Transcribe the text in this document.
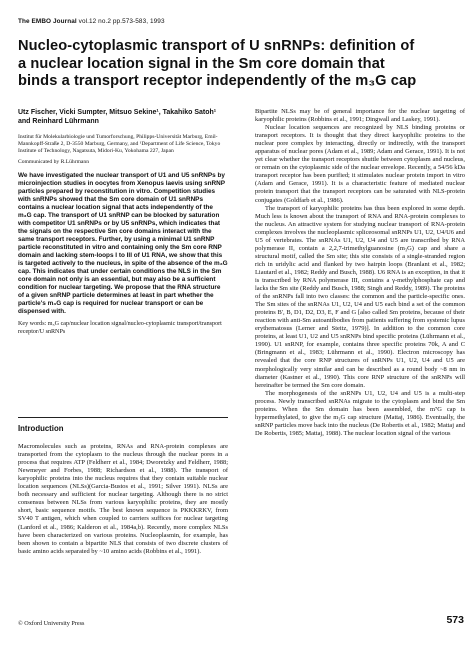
The EMBO Journal vol.12 no.2 pp.573-583, 1993
Nucleo-cytoplasmic transport of U snRNPs: definition of
a nuclear location signal in the Sm core domain that
binds a transport receptor independently of the m₃G cap
Utz Fischer, Vicki Sumpter, Mitsuo Sekine¹, Takahiko Satoh¹ and Reinhard Lührmann
Institut für Molekularbiologie und Tumorforschung, Philipps-Universität Marburg, Emil-Mannkopff-Straße 2, D-3550 Marburg, Germany, and ¹Department of Life Science, Tokyo Institute of Technology, Nagatsuta, Midori-Ku, Yokohama 227, Japan
Communicated by R.Lührmann
We have investigated the nuclear transport of U1 and U5 snRNPs by microinjection studies in oocytes from Xenopus laevis using snRNP particles prepared by reconstitution in vitro. Competition studies with snRNPs showed that the Sm core domain of U1 snRNPs contains a nuclear location signal that acts independently of the m₃G cap. The transport of U1 snRNP can be blocked by saturation with competitor U1 snRNPs or by U5 snRNPs, which indicates that the signals on the respective Sm core domains interact with the same transport receptors. Further, by using a minimal U1 snRNP particle reconstituted in vitro and containing only the Sm core RNP domain and lacking stem-loops I to III of U1 RNA, we show that this is targeted actively to the nucleus, in spite of the absence of the m₃G cap. This indicates that under certain conditions the NLS in the Sm core domain not only is an essential, but may also be a sufficient condition for nuclear targeting. We propose that the RNA structure of a given snRNP particle determines at least in part whether the particle's m₃G cap is required for nuclear transport or can be dispensed with.
Key words: m₃G cap/nuclear location signal/nucleo-cytoplasmic transport/transport receptor/U snRNPs
Introduction
Macromolecules such as proteins, RNAs and RNA-protein complexes are transported from the cytoplasm to the nucleus through the nuclear pores in a process that requires ATP (Feldherr et al., 1984; Dworetzky and Feldherr, 1988; Newmeyer and Forbes, 1988; Richardson et al., 1988). The transport of karyophilic proteins into the nucleus requires that they contain suitable nuclear location sequences (NLSs)(Garcia-Bustos et al., 1991; Silver 1991). NLSs are both necessary and sufficient for nuclear targeting. Although there is no strict consensus between NLSs from various karyophilic proteins, they are mostly short, basic sequence motifs. The best known sequence is PKKKRKV, from SV40 T antigen, which when coupled to carriers suffices for nuclear targeting (Lanford et al., 1986; Kalderon et al., 1984a,b). Recently, more complex NLSs have been characterized on various proteins. Nucleoplasmin, for example, has been shown to contain a bipartite NLS that consists of two discrete clusters of basic amino acids separated by ~10 amino acids (Robbins et al., 1991).

Bipartite NLSs may be of general importance for the nuclear targeting of karyophilic proteins (Robbins et al., 1991; Dingwall and Laskey, 1991).

Nuclear location sequences are recognized by NLS binding proteins or transport receptors. It is thought that they direct karyophilic proteins to the nuclear pore complex by interacting, directly or indirectly, with the transport apparatus of nuclear pores (Adam et al., 1989; Adam and Gerace, 1991). It is not yet clear whether the transport receptors shuttle between cytoplasm and nucleus, or remain on the cytoplasmic side of the nuclear envelope. Recently, a 54/56 kDa transport receptor has been purified; it stimulates nuclear protein import in vitro (Adam and Gerace, 1991). It is a characteristic feature of mediated nuclear protein transport that the transport receptors can be saturated with NLS-protein conjugates (Goldfarb et al., 1986).

The transport of karyophilic proteins has thus been explored in some depth. Much less is known about the transport of RNA and RNA-protein complexes to the nucleus. An attractive system for studying nuclear transport of RNA-protein complexes involves the nucleoplasmic spliceosomal snRNPs U1, U2, U4/U6 and U5 of vertebrates. The snRNAs U1, U2, U4 and U5 are transcribed by RNA polymerase II, contain a 2,2,7-trimethylguanosine (m₃G) cap and share a structural motif, called the Sm site; this site consists of a single-stranded region rich in uridylic acid and flanked by two hairpin loops (Branlant et al., 1982; Liautard et al., 1982; Reddy and Busch, 1988). U6 RNA is an exception, in that it is transcribed by RNA polymerase III, contains a γ-methylphosphate cap and lacks the Sm site (Reddy and Busch, 1988; Singh and Reddy, 1989). The proteins of the snRNPs fall into two classes: the common and the particle-specific ones. The Sm sites of the snRNAs U1, U2, U4 and U5 each bind a set of the common proteins B', B, D1, D2, D3, E, F and G [also called Sm proteins, because of their reaction with anti-Sm autoantibodies from patients suffering from systemic lupus erythematosus (Lerner and Steitz, 1979)]. In addition to the common core proteins, at least U1, U2 and U5 snRNPs bind specific proteins (Lührmann et al., 1990). U1 snRNP, for example, contains three specific proteins 70k, A and C (Bringmann et al., 1983; Lührmann et al., 1990). Electron microscopy has revealed that the core RNP structures of snRNPs U1, U2, U4 and U5 are morphologically very similar and can be described as a round body ~8 nm in diameter (Kastner et al., 1990). This core RNP structure of the snRNPs will hereinafter be termed the Sm core domain.

The morphogenesis of the snRNPs U1, U2, U4 and U5 is a multi-step process. Newly transcribed snRNAs migrate to the cytoplasm and bind the Sm proteins. When the Sm domain has been assembled, the m⁷G cap is hypermethylated, to give the m₃G cap structure (Mattaj, 1986). Eventually, the snRNP particles move back into the nucleus (De Robertis et al., 1982; Mattaj and De Robertis, 1985; Mattaj, 1988). The nuclear location signal of the various

© Oxford University Press	573
